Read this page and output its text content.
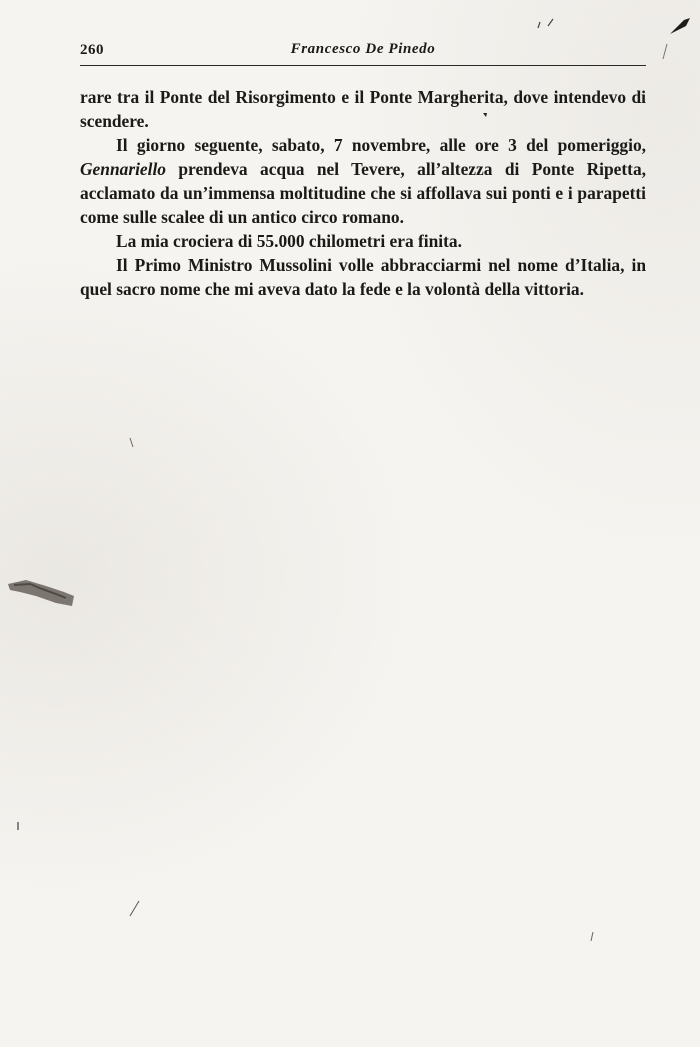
260	Francesco De Pinedo

rare tra il Ponte del Risorgimento e il Ponte Margherita, dove intendevo di scendere.

Il giorno seguente, sabato, 7 novembre, alle ore 3 del pomeriggio, Gennariello prendeva acqua nel Tevere, all’altezza di Ponte Ripetta, acclamato da un’immensa moltitudine che si affollava sui ponti e i parapetti come sulle scalee di un antico circo romano.

La mia crociera di 55.000 chilometri era finita.

Il Primo Ministro Mussolini volle abbracciarmi nel nome d’Italia, in quel sacro nome che mi aveva dato la fede e la volontà della vittoria.
